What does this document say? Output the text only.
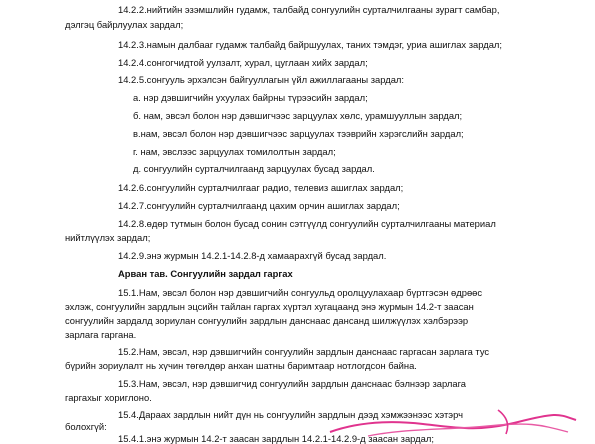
14.2.2.нийтийн эзэмшлийн гудамж, талбайд сонгуулийн сурталчилгааны зурагт самбар,
дэлгэц байрлуулах зардал;
14.2.3.намын далбааг гудамж талбайд байршуулах, таних тэмдэг, уриа ашиглах зардал;
14.2.4.сонгогчидтой уулзалт, хурал, цуглаан хийх зардал;
14.2.5.сонгууль эрхэлсэн байгууллагын үйл ажиллагааны зардал:
а. нэр дэвшигчийн ухуулах байрны түрээсийн зардал;
б. нам, эвсэл болон нэр дэвшигчээс зарцуулах хөлс, урамшууллын зардал;
в.нам, эвсэл болон нэр дэвшигчээс зарцуулах тээврийн хэрэгслийн зардал;
г. нам, эвслээс зарцуулах томилолтын зардал;
д. сонгуулийн сурталчилгаанд зарцуулах бусад зардал.
14.2.6.сонгуулийн сурталчилгааг радио, телевиз ашиглах зардал;
14.2.7.сонгуулийн сурталчилгаанд цахим орчин ашиглах зардал;
14.2.8.өдөр тутмын болон бусад сонин сэтгүүлд сонгуулийн сурталчилгааны материал
нийтлүүлэх зардал;
14.2.9.энэ журмын 14.2.1-14.2.8-д хамаарахгүй бусад зардал.
Арван тав. Сонгуулийн зардал гаргах
15.1.Нам, эвсэл болон нэр дэвшигчийн сонгуульд оролцуулахаар бүртгэсэн өдрөөс
эхлэж, сонгуулийн зардлын эцсийн тайлан гаргах хүртэл хугацаанд энэ журмын 14.2-т заасан
сонгуулийн зардалд зориулан сонгуулийн зардлын данснаас дансанд шилжүүлэх хэлбэрээр
зарлага гаргана.
15.2.Нам, эвсэл, нэр дэвшигчийн сонгуулийн зардлын данснаас гаргасан зарлага тус
бүрийн зориулалт нь хүчин төгөлдөр анхан шатны баримтаар нотлогдсон байна.
15.3.Нам, эвсэл, нэр дэвшигчид сонгуулийн зардлын данснаас бэлнээр зарлага
гаргахыг хориглоно.
15.4.Дараах зардлын нийт дүн нь сонгуулийн зардлын дээд хэмжээнээс хэтэрч
болохгүй:
15.4.1.энэ журмын 14.2-т заасан зардлын 14.2.1-14.2.9-д заасан зардал;
